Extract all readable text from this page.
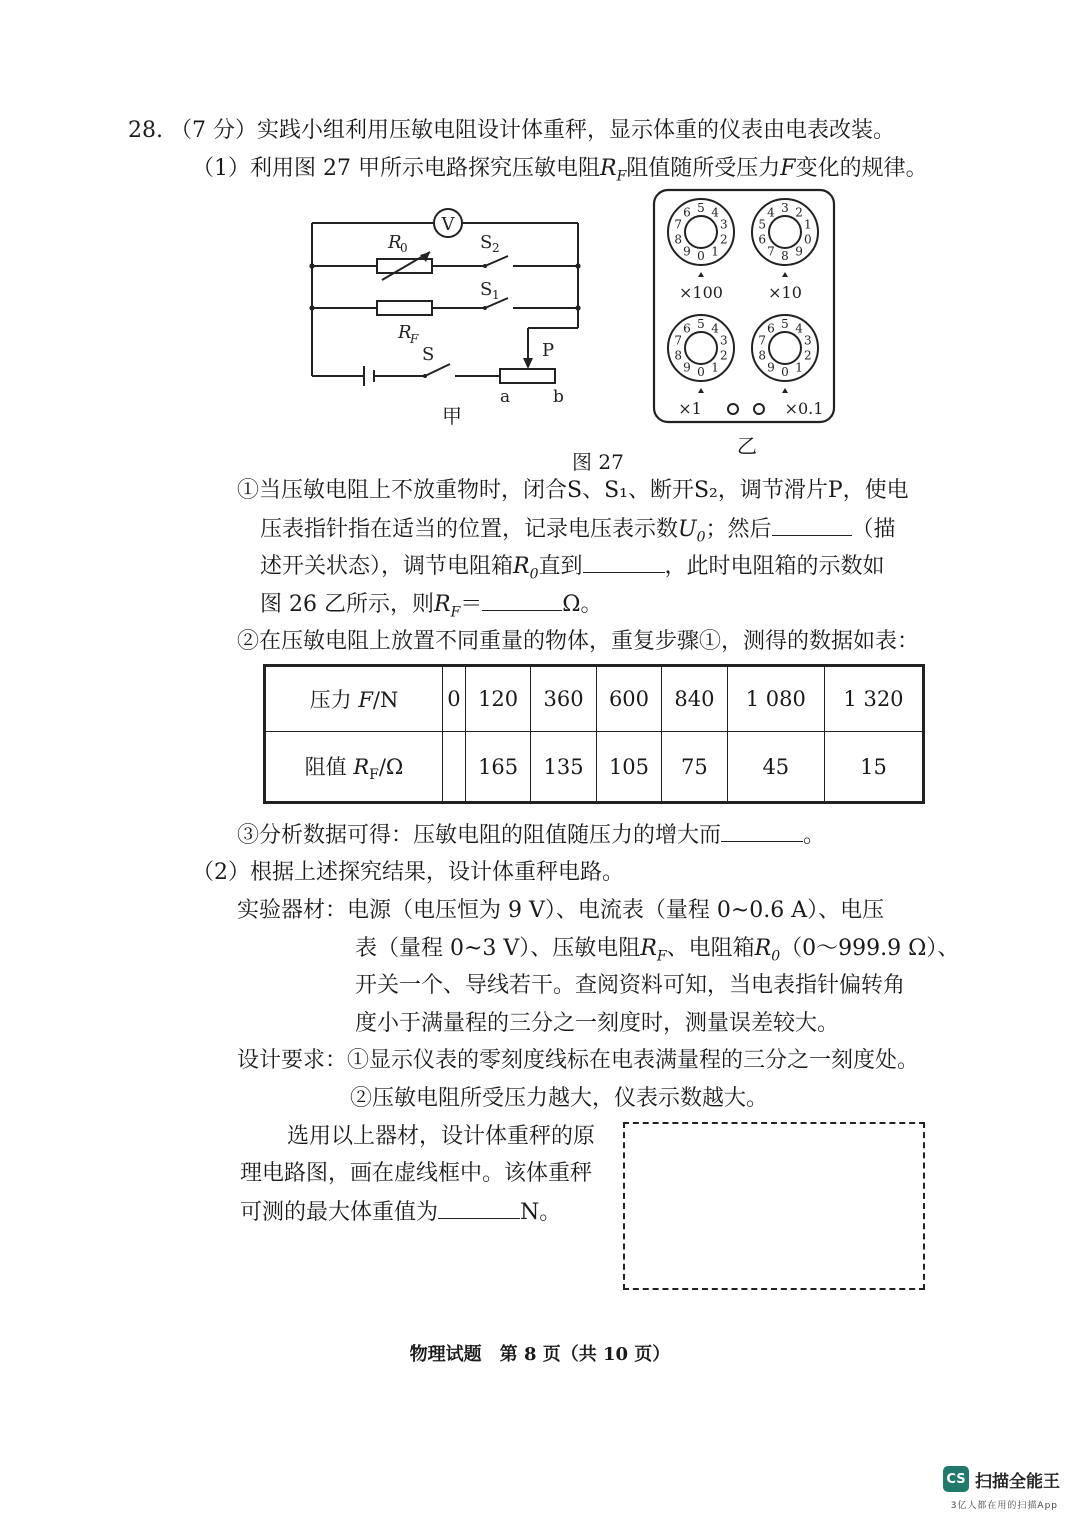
28. （7 分）实践小组利用压敏电阻设计体重秤，显示体重的仪表由电表改装。
（1）利用图 27 甲所示电路探究压敏电阻$R_F$阻值随所受压力F变化的规律。
V
R
0	S 2
S 1
R
F
S	P
a	b
甲
0 1
2
3
4
5
6
7
8
9
×100
0
1
2
3
4
5
6
7 8 9
×10
0 1
2
3
4
5
6
7
8
9
×1
0 1
2
3
4
5
6
7
8
9
×0.1
乙
图 27
①当压敏电阻上不放重物时，闭合S、S₁、断开S₂，调节滑片P，使电
压表指针指在适当的位置，记录电压表示数$U_0$；然后	（描
述开关状态），调节电阻箱$R_0$直到	，此时电阻箱的示数如
图 26 乙所示，则$R_F=$	Ω。
②在压敏电阻上放置不同重量的物体，重复步骤①，测得的数据如表：
压力 F/N	0	120	360	600	840	1 080	1 320
阻值 $R_F/\Omega$		165	135	105	75	45	15
③分析数据可得：压敏电阻的阻值随压力的增大而	。
（2）根据上述探究结果，设计体重秤电路。
实验器材：电源（电压恒为 9 V）、电流表（量程 0~0.6 A）、电压
表（量程 0~3 V）、压敏电阻$R_F$、电阻箱$R_0(0\sim 999.9$ Ω）、
开关一个、导线若干。查阅资料可知，当电表指针偏转角
度小于满量程的三分之一刻度时，测量误差较大。
设计要求：①显示仪表的零刻度线标在电表满量程的三分之一刻度处。
②压敏电阻所受压力越大，仪表示数越大。
选用以上器材，设计体重秤的原
理电路图，画在虚线框中。该体重秤
可测的最大体重值为	N。
物理试题　第 8 页（共 10 页）
CS 扫描全能王
3亿人都在用的扫描App
